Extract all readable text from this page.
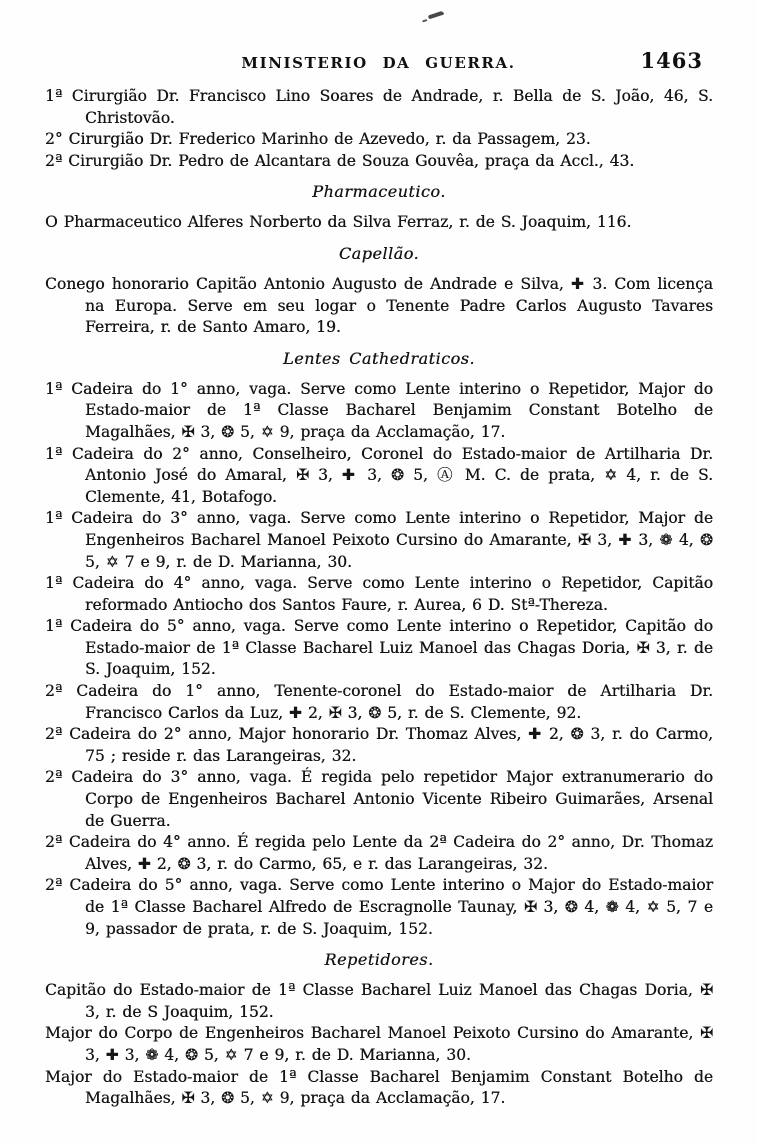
MINISTERIO DA GUERRA.	1463

1ª Cirurgião Dr. Francisco Lino Soares de Andrade, r. Bella de S. João, 46, S. Christovão.

2° Cirurgião Dr. Frederico Marinho de Azevedo, r. da Passagem, 23.

2ª Cirurgião Dr. Pedro de Alcantara de Souza Gouvêa, praça da Accl., 43.

Pharmaceutico.

O Pharmaceutico Alferes Norberto da Silva Ferraz, r. de S. Joaquim, 116.

Capellão.

Conego honorario Capitão Antonio Augusto de Andrade e Silva, ✚ 3. Com licença na Europa. Serve em seu logar o Tenente Padre Carlos Augusto Tavares Ferreira, r. de Santo Amaro, 19.

Lentes Cathedraticos.

1ª Cadeira do 1° anno, vaga. Serve como Lente interino o Repetidor, Major do Estado-maior de 1ª Classe Bacharel Benjamim Constant Botelho de Magalhães, ✠ 3, ❂ 5, ✡ 9, praça da Acclamação, 17.

1ª Cadeira do 2° anno, Conselheiro, Coronel do Estado-maior de Artilharia Dr. Antonio José do Amaral, ✠ 3, ✚ 3, ❂ 5, Ⓐ M. C. de prata, ✡ 4, r. de S. Clemente, 41, Botafogo.

1ª Cadeira do 3° anno, vaga. Serve como Lente interino o Repetidor, Major de Engenheiros Bacharel Manoel Peixoto Cursino do Amarante, ✠ 3, ✚ 3, ❁ 4, ❂ 5, ✡ 7 e 9, r. de D. Marianna, 30.

1ª Cadeira do 4° anno, vaga. Serve como Lente interino o Repetidor, Capitão reformado Antiocho dos Santos Faure, r. Aurea, 6 D. Stª-Thereza.

1ª Cadeira do 5° anno, vaga. Serve como Lente interino o Repetidor, Capitão do Estado-maior de 1ª Classe Bacharel Luiz Manoel das Chagas Doria, ✠ 3, r. de S. Joaquim, 152.

2ª Cadeira do 1° anno, Tenente-coronel do Estado-maior de Artilharia Dr. Francisco Carlos da Luz, ✚ 2, ✠ 3, ❂ 5, r. de S. Clemente, 92.

2ª Cadeira do 2° anno, Major honorario Dr. Thomaz Alves, ✚ 2, ❂ 3, r. do Carmo, 75 ; reside r. das Larangeiras, 32.

2ª Cadeira do 3° anno, vaga. É regida pelo repetidor Major extranumerario do Corpo de Engenheiros Bacharel Antonio Vicente Ribeiro Guimarães, Arsenal de Guerra.

2ª Cadeira do 4° anno. É regida pelo Lente da 2ª Cadeira do 2° anno, Dr. Thomaz Alves, ✚ 2, ❂ 3, r. do Carmo, 65, e r. das Larangeiras, 32.

2ª Cadeira do 5° anno, vaga. Serve como Lente interino o Major do Estado-maior de 1ª Classe Bacharel Alfredo de Escragnolle Taunay, ✠ 3, ❂ 4, ❁ 4, ✡ 5, 7 e 9, passador de prata, r. de S. Joaquim, 152.

Repetidores.

Capitão do Estado-maior de 1ª Classe Bacharel Luiz Manoel das Chagas Doria, ✠ 3, r. de S Joaquim, 152.

Major do Corpo de Engenheiros Bacharel Manoel Peixoto Cursino do Amarante, ✠ 3, ✚ 3, ❁ 4, ❂ 5, ✡ 7 e 9, r. de D. Marianna, 30.

Major do Estado-maior de 1ª Classe Bacharel Benjamim Constant Botelho de Magalhães, ✠ 3, ❂ 5, ✡ 9, praça da Acclamação, 17.
